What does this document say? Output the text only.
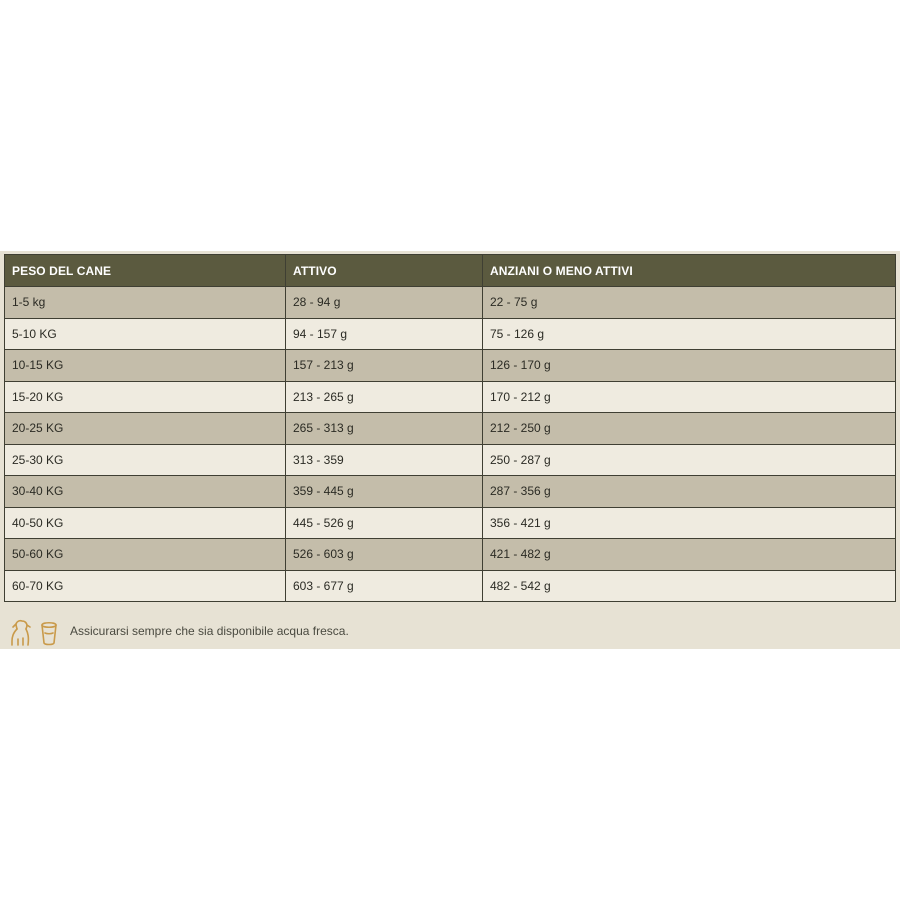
PESO DEL CANE	ATTIVO	ANZIANI O MENO ATTIVI
1-5 kg	28 - 94 g	22 - 75 g
5-10 KG	94 - 157 g	75 - 126 g
10-15 KG	157 - 213 g	126 - 170 g
15-20 KG	213 - 265 g	170 - 212 g
20-25 KG	265 - 313 g	212 - 250 g
25-30 KG	313 - 359	250 - 287 g
30-40 KG	359 - 445 g	287 - 356 g
40-50 KG	445 - 526 g	356 - 421 g
50-60 KG	526 - 603 g	421 - 482 g
60-70 KG	603 - 677 g	482 - 542 g
Assicurarsi sempre che sia disponibile acqua fresca.
